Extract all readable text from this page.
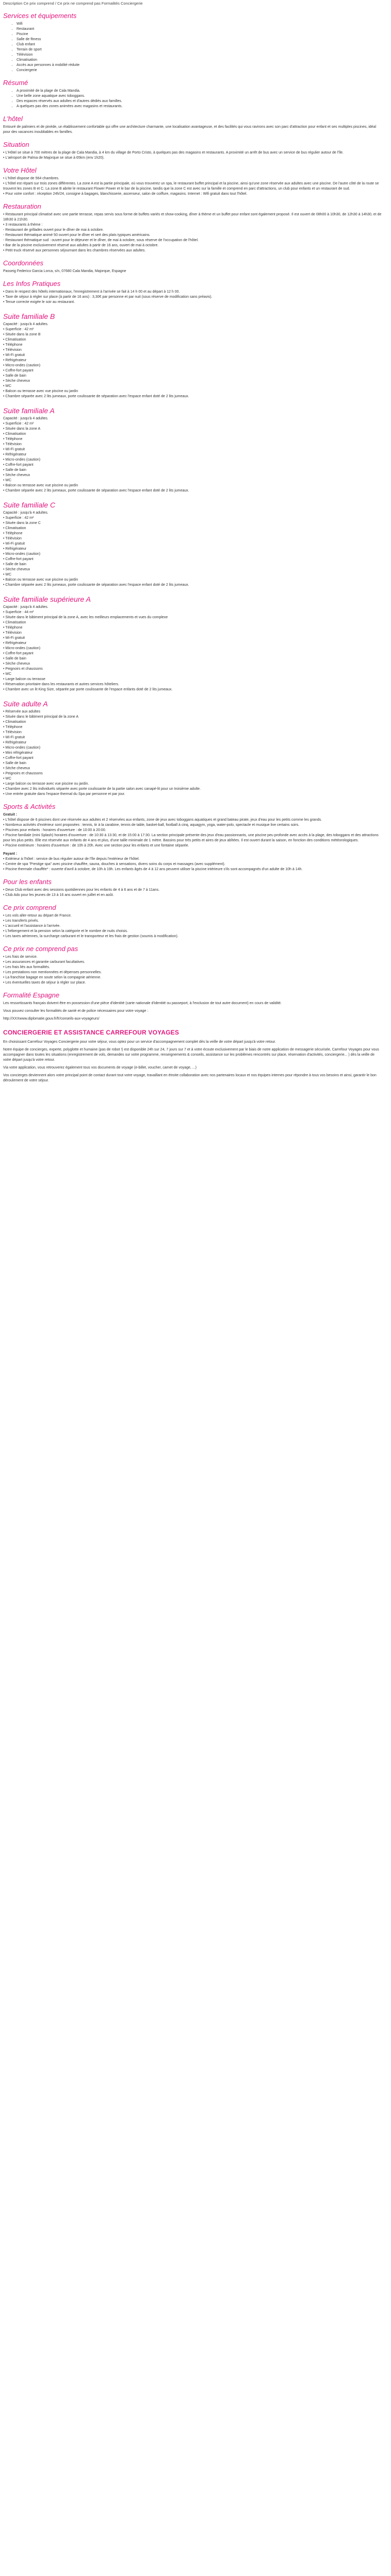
Description Ce prix comprend / Ce prix ne comprend pas Formalités Conciergerie
Services et équipements
• Wifi
• Restaurant
• Piscine
• Salle de fitness
• Club enfant
• Terrain de sport
• Télévision
• Climatisation
• Accès aux personnes à mobilité réduite
• Conciergerie
Résumé
• A proximité de la plage de Cala Mandia.
• Une belle zone aquatique avec toboggans.
• Des espaces réservés aux adultes et d'autres dédiés aux familles.
• A quelques pas des zones animées avec magasins et restaurants.
L'hôtel

Entouré de palmiers et de pinède, un établissement confortable qui offre une architecture charmante, une localisation avantageuse, et des facilités qui vous ravirons avec son parc d'attraction pour enfant et ses multiples piscines, idéal pour des vacances inoubliables en familles.

Situation
• L'Hôtel se situe à 700 mètres de la plage de Cala Mandia, à 4 km du village de Porto Cristo, à quelques pas des magasins et restaurants. A proximité un arrêt de bus avec un service de bus régulier autour de l'île.
• L'aéroport de Palma de Majorque se situe à 65km (env 1h20).
Votre Hôtel
• L'hôtel dispose de 564 chambres.
• L'hôtel est réparti sur trois zones différentes. La zone A est la partie principale, où vous trouverez un spa, le restaurant buffet principal et la piscine, ainsi qu'une zone réservée aux adultes avec une piscine. De l'autre côté de la route se trouvent les zones B et C. La zone B abrite le restaurant Flower Power et le bar de la piscine, tandis que la zone C est avec sur la famille et comprend en parc d'attractions, un club pour enfants et un restaurant de sud.
• Pour votre confort : réception 24h/24, consigne à bagages, blanchisserie, ascenseur, salon de coiffure, magasins. Internet : Wifi gratuit dans tout l'hôtel.
Restauration
• Restaurant principal climatisé avec une partie terrasse, repas servis sous forme de buffets variés et show-cooking, dîner à thème et un buffet pour enfant sont également proposé. Il est ouvert de 08h00 à 10h30, de 12h30 à 14h30, et de 18h30 à 21h30.
• 3 restaurants à thème :
- Restaurant de grillades ouvert pour le dîner de mai à octobre.
- Restaurant thématique animé 50 ouvert pour le dîner et sert des plats typiques américains.
- Restaurant thématique sud : ouvert pour le déjeuner et le dîner, de mai à octobre, sous réserve de l'occupation de l'hôtel.
• Bar de la piscine exclusivement réservé aux adultes à partir de 16 ans, ouvert de mai à octobre.
• Petit truck réservé aux personnes séjournant dans les chambres réservées aux adultes.
Coordonnées

Passeig Federico Garcia Lorca, s/n, 07680 Cala Mandia, Majorque, Espagne

Les Infos Pratiques
• Dans le respect des hôtels internationaux, l'enregistrement à l'arrivée se fait à 14 h 00 et au départ à 12 h 00.
• Taxe de séjour à régler sur place (à partir de 16 ans) : 3,30€ par personne et par nuit (sous réserve de modification sans préavis).
• Tenue correcte exigée le soir au restaurant.
Suite familiale B
Capacité : jusqu'à 4 adultes.
• Superficie : 42 m²
• Située dans la zone B
• Climatisation
• Téléphone
• Télévision
• Wi-Fi gratuit
• Réfrigérateur
• Micro-ondes (caution)
• Coffre-fort payant
• Salle de bain
• Sèche cheveux
• WC
• Balcon ou terrasse avec vue piscine ou jardin
• Chambre séparée avec 2 lits jumeaux, porte coulissante de séparation avec l'espace enfant doté de 2 lits jumeaux.
Suite familiale A
Capacité : jusqu'à 4 adultes.
• Superficie : 42 m²
• Située dans la zone A
• Climatisation
• Téléphone
• Télévision
• Wi-Fi gratuit
• Réfrigérateur
• Micro-ondes (caution)
• Coffre-fort payant
• Salle de bain
• Sèche cheveux
• WC
• Balcon ou terrasse avec vue piscine ou jardin
• Chambre séparée avec 2 lits jumeaux, porte coulissante de séparation avec l'espace enfant doté de 2 lits jumeaux.
Suite familiale C
Capacité : jusqu'à 4 adultes.
• Superficie : 42 m²
• Située dans la zone C
• Climatisation
• Téléphone
• Télévision
• Wi-Fi gratuit
• Réfrigérateur
• Micro-ondes (caution)
• Coffre-fort payant
• Salle de bain
• Sèche cheveux
• WC
• Balcon ou terrasse avec vue piscine ou jardin
• Chambre séparée avec 2 lits jumeaux, porte coulissante de séparation avec l'espace enfant doté de 2 lits jumeaux.
Suite familiale supérieure A
Capacité : jusqu'à 4 adultes.
• Superficie : 44 m²
• Située dans le bâtiment principal de la zone A, avec les meilleurs emplacements et vues du complexe
• Climatisation
• Téléphone
• Télévision
• Wi-Fi gratuit
• Réfrigérateur
• Micro-ondes (caution)
• Coffre-fort payant
• Salle de bain
• Sèche cheveux
• Peignoirs et chaussons
• WC
• Large balcon ou terrasse
• Réservation prioritaire dans les restaurants et autres services hôteliers.
• Chambre avec un lit King Size, séparée par porte coulissante de l'espace enfants doté de 2 lits jumeaux.
Suite adulte A
• Réservée aux adultes
• Située dans le bâtiment principal de la zone A
• Climatisation
• Téléphone
• Télévision
• Wi-Fi gratuit
• Réfrigérateur
• Micro-ondes (caution)
• Mini réfrigérateur
• Coffre-fort payant
• Salle de bain
• Sèche cheveux
• Peignoirs et chaussons
• WC
• Large balcon ou terrasse avec vue piscine ou jardin.
• Chambre avec 2 lits individuels séparée avec porte coulissante de la partie salon avec canapé-lit pour un troisième adulte.
• Une entrée gratuite dans l'espace thermal du Spa par personne et par jour.
Sports & Activités
Gratuit :
• L'hôtel dispose de 6 piscines dont une réservée aux adultes et 2 réservées aux enfants, zone de jeux avec toboggans aquatiques et grand bateau pirate, jeux d'eau pour les petits comme les grands.
• Nombreux activités d'extérieur sont proposées : tennis, tir à la carabine, tennis de table, basket-ball, football à cinq, aquagym, yoga, water-polo, spectacle et musique live certains soirs.
• Piscines pour enfants : horaires d'ouverture : de 10:00 à 20:00.
• Piscine familiale (mini Splash) horaires d'ouverture : de 10:30 à 13:30, et de 15:00 à 17:30. La section principale présente des jeux d'eau passionnants, une piscine peu profonde avec accès à la plage, des toboggans et des attractions pour les plus petits. Elle est réservée aux enfants de 4 ans et plus, d'une taille minimale de 1 mètre. Bassins pour très petits et aires de jeux abîtées. Il est ouvert durant la saison, en fonction des conditions météorologiques.
• Piscine extérieure : horaires d'ouverture : de 10h à 20h. Avec une section pour les enfants et une fontaine séparée.
Payant :
• Extérieur à l'hôtel : service de bus régulier autour de l'île depuis l'extérieur de l'hôtel.
• Centre de spa "Prestige spa" avec piscine chauffée, sauna, douches à sensations, divers soins du corps et massages (avec supplément).
• Piscine thermale chauffée* : ouverte d'avril à octobre, de 10h à 19h. Les enfants âgés de 4 à 12 ans peuvent utiliser la piscine intérieure s'ils sont accompagnés d'un adulte de 10h à 14h.
Pour les enfants
• Deux Club enfant avec des sessions quotidiennes pour les enfants de 4 à 6 ans et de 7 à 11ans.
• Club Ado pour les jeunes de 13 à 16 ans ouvert en juillet et en août.
Ce prix comprend
• Les vols aller-retour au départ de France.
• Les transferts privés.
• L'accueil et l'assistance à l'arrivée.
• L'hébergement et la pension selon la catégorie et le nombre de nuits choisis.
• Les taxes aériennes, la surcharge carburant et le transporteur et les frais de gestion (soumis à modification).
Ce prix ne comprend pas
• Les frais de service.
• Les assurances et garantie carburant facultatives.
• Les frais liés aux formalités.
• Les prestations non mentionnées et dépenses personnelles.
• La franchise bagage en soute selon la compagnie aérienne.
• Les éventuelles taxes de séjour à régler sur place.
Formalité Espagne

Les ressortissants français doivent être en possession d'une pièce d'identité (carte nationale d'identité ou passeport, à l'exclusion de tout autre document) en cours de validité.

Vous pouvez consulter les formalités de santé et de police nécessaires pour votre voyage :

http://XXXwww.diplomatie.gouv.fr/fr/conseils-aux-voyageurs/

CONCIERGERIE ET ASSISTANCE CARREFOUR VOYAGES

En choisissant Carrefour Voyages Conciergerie pour votre séjour, vous optez pour un service d'accompagnement complet dès la veille de votre départ jusqu'à votre retour.

Notre équipe de concierges, experte, polyglotte et humaine (pas de robot !) est disponible 24h sur 24, 7 jours sur 7 et à votre écoute exclusivement par le biais de notre application de messagerie sécurisée, Carrefour Voyages pour vous accompagner dans toutes les situations (enregistrement de vols, demandes sur votre programme, renseignements & conseils, assistance sur les problèmes rencontrés sur place, réservation d'activités, conciergerie... ) dès la veille de votre départ jusqu'à votre retour.

Via votre application, vous retrouverez également tous vos documents de voyage (e-billet, voucher, carnet de voyage, ...)

Vos concierges deviennent alors votre principal point de contact durant tout votre voyage, travaillant en étroite collaboration avec nos partenaires locaux et nos équipes internes pour répondre à tous vos besoins et ainsi, garantir le bon déroulement de votre séjour.
